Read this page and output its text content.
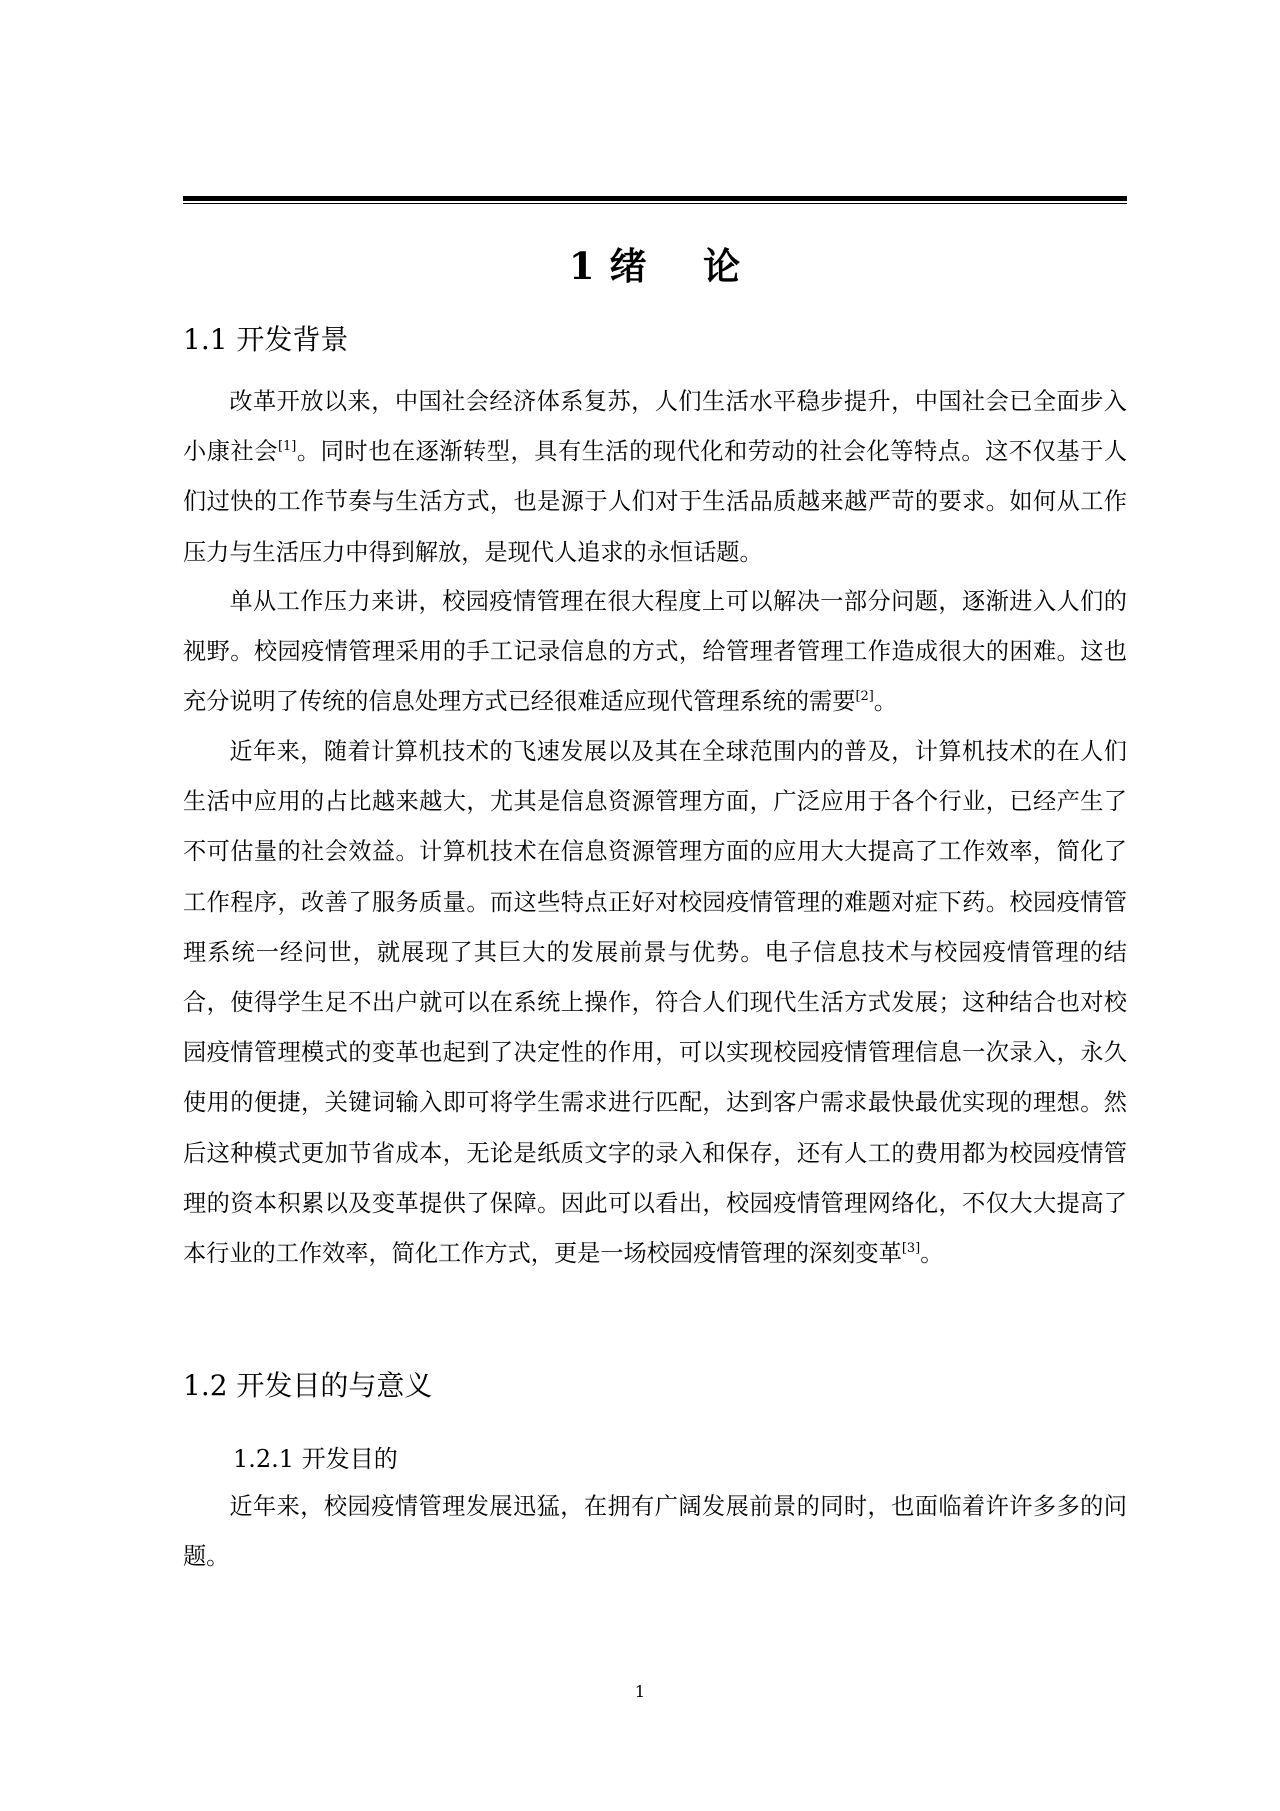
1 绪    论
1.1 开发背景

改革开放以来，中国社会经济体系复苏，人们生活水平稳步提升，中国社会已全面步入小康社会[1]。同时也在逐渐转型，具有生活的现代化和劳动的社会化等特点。这不仅基于人们过快的工作节奏与生活方式，也是源于人们对于生活品质越来越严苛的要求。如何从工作压力与生活压力中得到解放，是现代人追求的永恒话题。

单从工作压力来讲，校园疫情管理在很大程度上可以解决一部分问题，逐渐进入人们的视野。校园疫情管理采用的手工记录信息的方式，给管理者管理工作造成很大的困难。这也充分说明了传统的信息处理方式已经很难适应现代管理系统的需要[2]。

近年来，随着计算机技术的飞速发展以及其在全球范围内的普及，计算机技术的在人们生活中应用的占比越来越大，尤其是信息资源管理方面，广泛应用于各个行业，已经产生了不可估量的社会效益。计算机技术在信息资源管理方面的应用大大提高了工作效率，简化了工作程序，改善了服务质量。而这些特点正好对校园疫情管理的难题对症下药。校园疫情管理系统一经问世，就展现了其巨大的发展前景与优势。电子信息技术与校园疫情管理的结合，使得学生足不出户就可以在系统上操作，符合人们现代生活方式发展；这种结合也对校园疫情管理模式的变革也起到了决定性的作用，可以实现校园疫情管理信息一次录入，永久使用的便捷，关键词输入即可将学生需求进行匹配，达到客户需求最快最优实现的理想。然后这种模式更加节省成本，无论是纸质文字的录入和保存，还有人工的费用都为校园疫情管理的资本积累以及变革提供了保障。因此可以看出，校园疫情管理网络化，不仅大大提高了本行业的工作效率，简化工作方式，更是一场校园疫情管理的深刻变革[3]。

1.2 开发目的与意义
1.2.1 开发目的

近年来，校园疫情管理发展迅猛，在拥有广阔发展前景的同时，也面临着许许多多的问题。

1
